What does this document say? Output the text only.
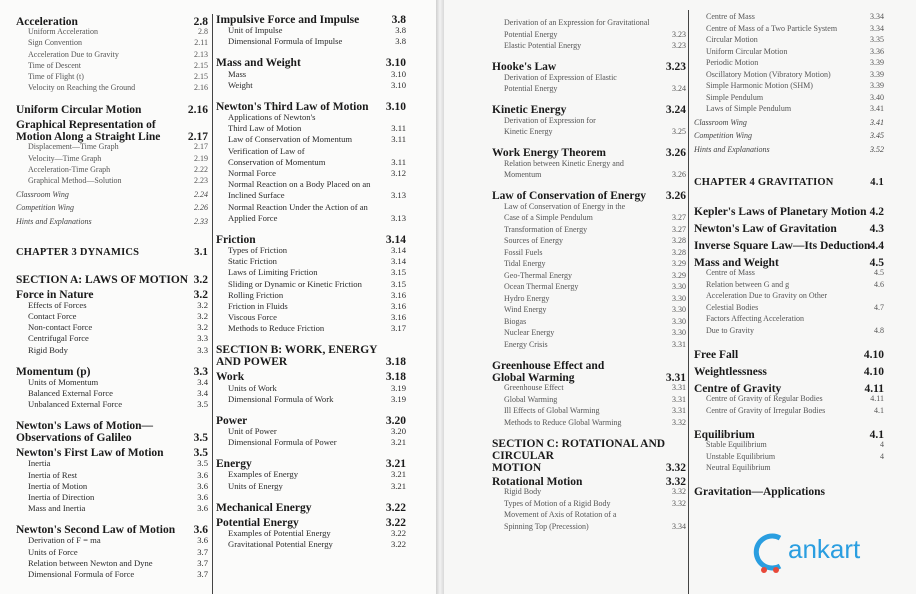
Acceleration	2.8
Uniform Acceleration	2.8
Sign Convention	2.11
Acceleration Due to Gravity	2.13
Time of Descent	2.15
Time of Flight (t)	2.15
Velocity on Reaching the Ground	2.16
Uniform Circular Motion	2.16
Graphical Representation of
Motion Along a Straight Line 2.17
Displacement—Time Graph	2.17
Velocity—Time Graph	2.19
Acceleration-Time Graph	2.22
Graphical Method—Solution	2.23
Classroom Wing	2.24
Competition Wing	2.26
Hints and Explanations	2.33
CHAPTER 3 DYNAMICS	3.1
SECTION A: LAWS OF MOTION 3.2
Force in Nature	3.2
Effects of Forces	3.2
Contact Force	3.2
Non-contact Force	3.2
Centrifugal Force	3.3
Rigid Body	3.3
Momentum (p)	3.3
Units of Momentum	3.4
Balanced External Force	3.4
Unbalanced External Force	3.5
Newton's Laws of Motion—
Observations of Galileo	3.5
Newton's First Law of Motion	3.5
Inertia	3.5
Inertia of Rest	3.6
Inertia of Motion	3.6
Inertia of Direction	3.6
Mass and Inertia	3.6
Newton's Second Law of Motion 3.6
Derivation of F = ma	3.6
Units of Force	3.7
Relation between Newton and Dyne	3.7
Dimensional Formula of Force	3.7
Impulsive Force and Impulse	3.8
Unit of Impulse	3.8
Dimensional Formula of Impulse	3.8
Mass and Weight	3.10
Mass	3.10
Weight	3.10
Newton's Third Law of Motion 3.10
Applications of Newton's
Third Law of Motion	3.11
Law of Conservation of Momentum	3.11
Verification of Law of
Conservation of Momentum	3.11
Normal Force	3.12
Normal Reaction on a Body Placed on an
Inclined Surface	3.13
Normal Reaction Under the Action of an
Applied Force	3.13
Friction	3.14
Types of Friction	3.14
Static Friction	3.14
Laws of Limiting Friction	3.15
Sliding or Dynamic or Kinetic Friction	3.15
Rolling Friction	3.16
Friction in Fluids	3.16
Viscous Force	3.16
Methods to Reduce Friction	3.17
SECTION B: WORK, ENERGY
AND POWER	3.18
Work	3.18
Units of Work	3.19
Dimensional Formula of Work	3.19
Power	3.20
Unit of Power	3.20
Dimensional Formula of Power	3.21
Energy	3.21
Examples of Energy	3.21
Units of Energy	3.21
Mechanical Energy	3.22
Potential Energy	3.22
Examples of Potential Energy	3.22
Gravitational Potential Energy	3.22
Derivation of an Expression for Gravitational
Potential Energy	3.23
Elastic Potential Energy	3.23
Hooke's Law	3.23
Derivation of Expression of Elastic
Potential Energy	3.24
Kinetic Energy	3.24
Derivation of Expression for
Kinetic Energy	3.25
Work Energy Theorem	3.26
Relation between Kinetic Energy and
Momentum	3.26
Law of Conservation of Energy 3.26
Law of Conservation of Energy in the
Case of a Simple Pendulum	3.27
Transformation of Energy	3.27
Sources of Energy	3.28
Fossil Fuels	3.28
Tidal Energy	3.29
Geo-Thermal Energy	3.29
Ocean Thermal Energy	3.30
Hydro Energy	3.30
Wind Energy	3.30
Biogas	3.30
Nuclear Energy	3.30
Energy Crisis	3.31
Greenhouse Effect and
Global Warming	3.31
Greenhouse Effect	3.31
Global Warming	3.31
Ill Effects of Global Warming	3.31
Methods to Reduce Global Warming	3.32
SECTION C: ROTATIONAL AND
CIRCULAR
MOTION	3.32
Rotational Motion	3.32
Rigid Body	3.32
Types of Motion of a Rigid Body	3.32
Movement of Axis of Rotation of a
Spinning Top (Precession)	3.34
Centre of Mass	3.34
Centre of Mass of a Two Particle System	3.34
Circular Motion	3.35
Uniform Circular Motion	3.36
Periodic Motion	3.39
Oscillatory Motion (Vibratory Motion)	3.39
Simple Harmonic Motion (SHM)	3.39
Simple Pendulum	3.40
Laws of Simple Pendulum	3.41
Classroom Wing	3.41
Competition Wing	3.45
Hints and Explanations	3.52
CHAPTER 4 GRAVITATION	4.1
Kepler's Laws of Planetary Motion 4.2
Newton's Law of Gravitation	4.3
Inverse Square Law—Its Deduction 4.4
Mass and Weight	4.5
Centre of Mass	4.5
Relation between G and g	4.6
Acceleration Due to Gravity on Other
Celestial Bodies	4.7
Factors Affecting Acceleration
Due to Gravity	4.8
Free Fall	4.10
Weightlessness	4.10
Centre of Gravity	4.11
Centre of Gravity of Regular Bodies	4.11
Centre of Gravity of Irregular Bodies	4.1
Equilibrium	4.1
Stable Equilibrium	4
Unstable Equilibrium	4
Neutral Equilibrium
Gravitation—Applications
ankart
